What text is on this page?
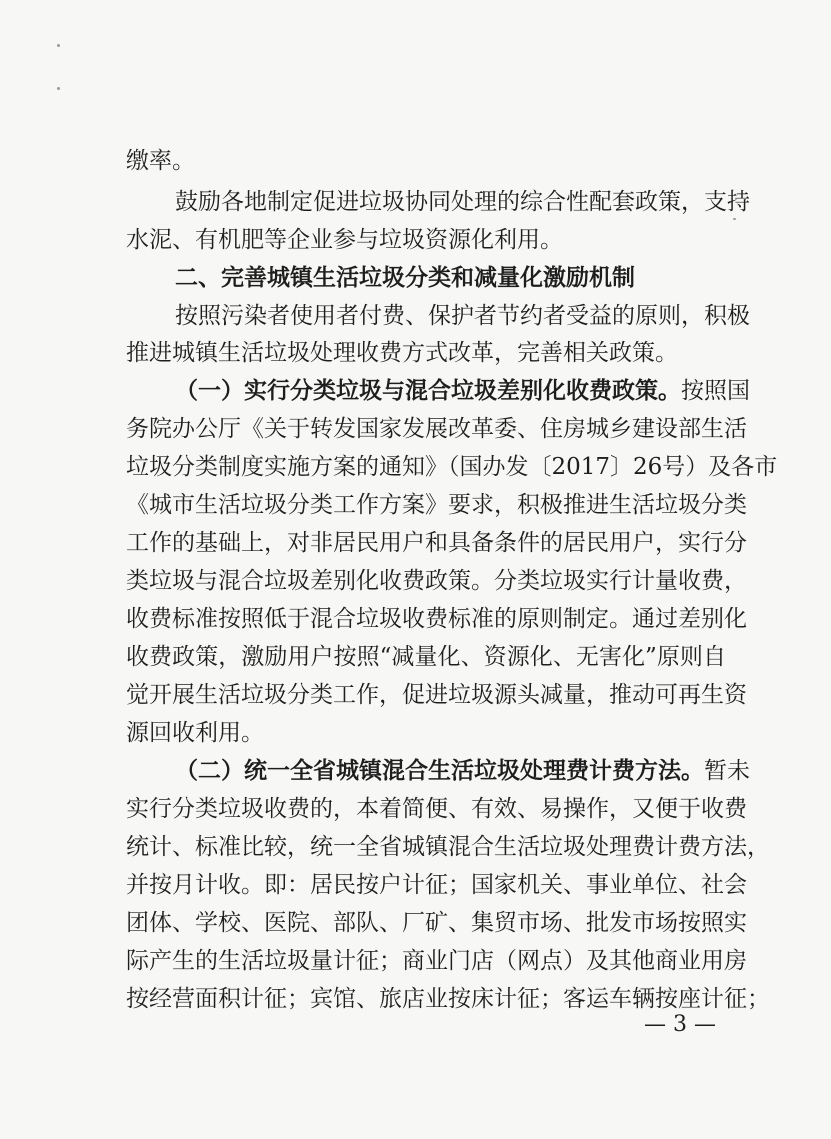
缴率。
鼓励各地制定促进垃圾协同处理的综合性配套政策，支持
水泥、有机肥等企业参与垃圾资源化利用。
二、完善城镇生活垃圾分类和减量化激励机制
按照污染者使用者付费、保护者节约者受益的原则，积极
推进城镇生活垃圾处理收费方式改革，完善相关政策。
（一）实行分类垃圾与混合垃圾差别化收费政策。按照国
务院办公厅《关于转发国家发展改革委、住房城乡建设部生活
垃圾分类制度实施方案的通知》（国办发〔2017〕26号）及各市
《城市生活垃圾分类工作方案》要求，积极推进生活垃圾分类
工作的基础上，对非居民用户和具备条件的居民用户，实行分
类垃圾与混合垃圾差别化收费政策。分类垃圾实行计量收费，
收费标准按照低于混合垃圾收费标准的原则制定。通过差别化
收费政策，激励用户按照“减量化、资源化、无害化”原则自
觉开展生活垃圾分类工作，促进垃圾源头减量，推动可再生资
源回收利用。
（二）统一全省城镇混合生活垃圾处理费计费方法。暂未
实行分类垃圾收费的，本着简便、有效、易操作，又便于收费
统计、标准比较，统一全省城镇混合生活垃圾处理费计费方法，
并按月计收。即：居民按户计征；国家机关、事业单位、社会
团体、学校、医院、部队、厂矿、集贸市场、批发市场按照实
际产生的生活垃圾量计征；商业门店（网点）及其他商业用房
按经营面积计征；宾馆、旅店业按床计征；客运车辆按座计征；
— 3 —
